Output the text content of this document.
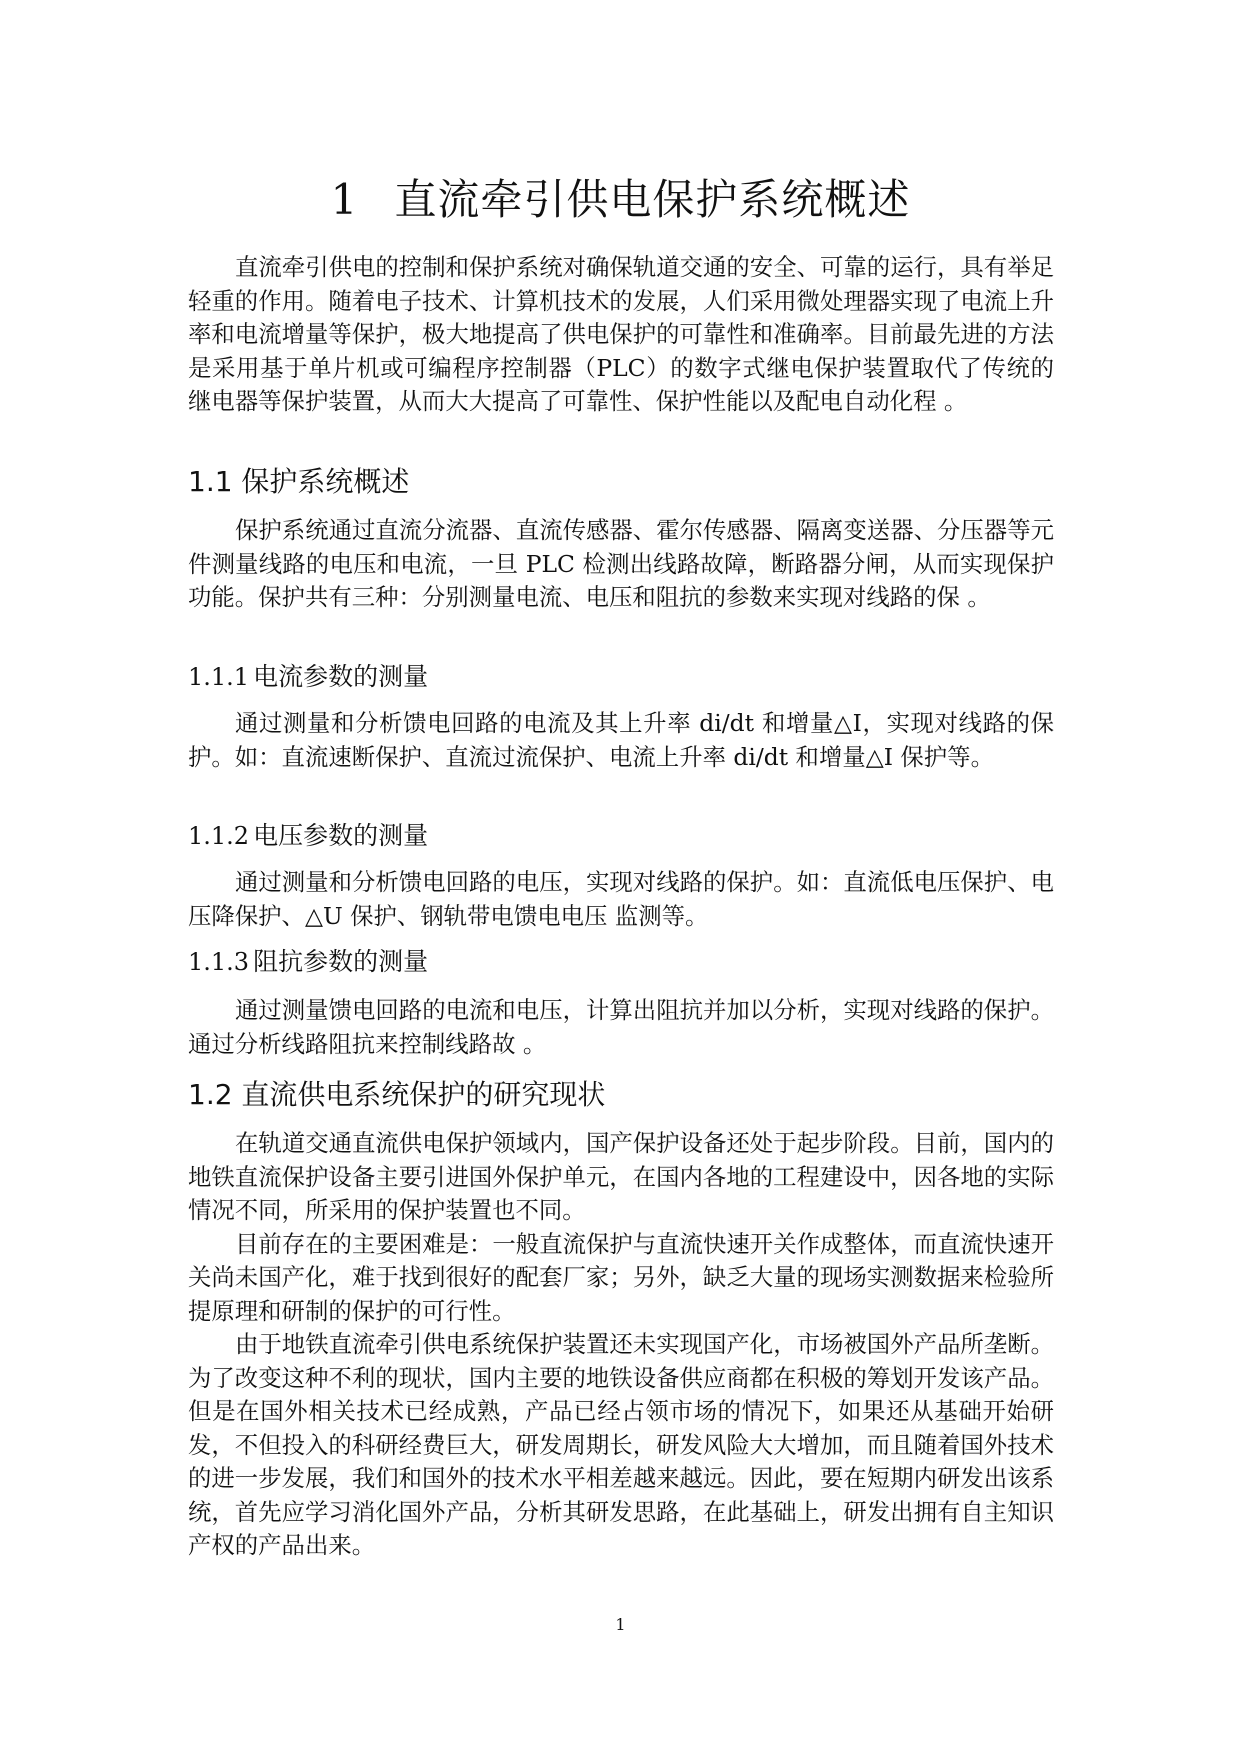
1 直流牵引供电保护系统概述

直流牵引供电的控制和保护系统对确保轨道交通的安全、可靠的运行，具有举足轻重的作用。随着电子技术、计算机技术的发展，人们采用微处理器实现了电流上升率和电流增量等保护，极大地提高了供电保护的可靠性和准确率。目前最先进的方法是采用基于单片机或可编程序控制器（PLC）的数字式继电保护装置取代了传统的继电器等保护装置，从而大大提高了可靠性、保护性能以及配电自动化程 。

1.1 保护系统概述

保护系统通过直流分流器、直流传感器、霍尔传感器、隔离变送器、分压器等元件测量线路的电压和电流，一旦 PLC 检测出线路故障，断路器分闸，从而实现保护功能。保护共有三种：分别测量电流、电压和阻抗的参数来实现对线路的保 。

1.1.1 电流参数的测量

通过测量和分析馈电回路的电流及其上升率 di/dt 和增量△I，实现对线路的保护。如：直流速断保护、直流过流保护、电流上升率 di/dt 和增量△I 保护等。

1.1.2 电压参数的测量

通过测量和分析馈电回路的电压，实现对线路的保护。如：直流低电压保护、电压降保护、△U 保护、钢轨带电馈电电压 监测等。

1.1.3 阻抗参数的测量

通过测量馈电回路的电流和电压，计算出阻抗并加以分析，实现对线路的保护。通过分析线路阻抗来控制线路故 。

1.2 直流供电系统保护的研究现状

在轨道交通直流供电保护领域内，国产保护设备还处于起步阶段。目前，国内的地铁直流保护设备主要引进国外保护单元，在国内各地的工程建设中，因各地的实际情况不同，所采用的保护装置也不同。

目前存在的主要困难是：一般直流保护与直流快速开关作成整体，而直流快速开关尚未国产化，难于找到很好的配套厂家；另外，缺乏大量的现场实测数据来检验所提原理和研制的保护的可行性。

由于地铁直流牵引供电系统保护装置还未实现国产化，市场被国外产品所垄断。为了改变这种不利的现状，国内主要的地铁设备供应商都在积极的筹划开发该产品。但是在国外相关技术已经成熟，产品已经占领市场的情况下，如果还从基础开始研发，不但投入的科研经费巨大，研发周期长，研发风险大大增加，而且随着国外技术的进一步发展，我们和国外的技术水平相差越来越远。因此，要在短期内研发出该系统，首先应学习消化国外产品，分析其研发思路，在此基础上，研发出拥有自主知识产权的产品出来。

1
